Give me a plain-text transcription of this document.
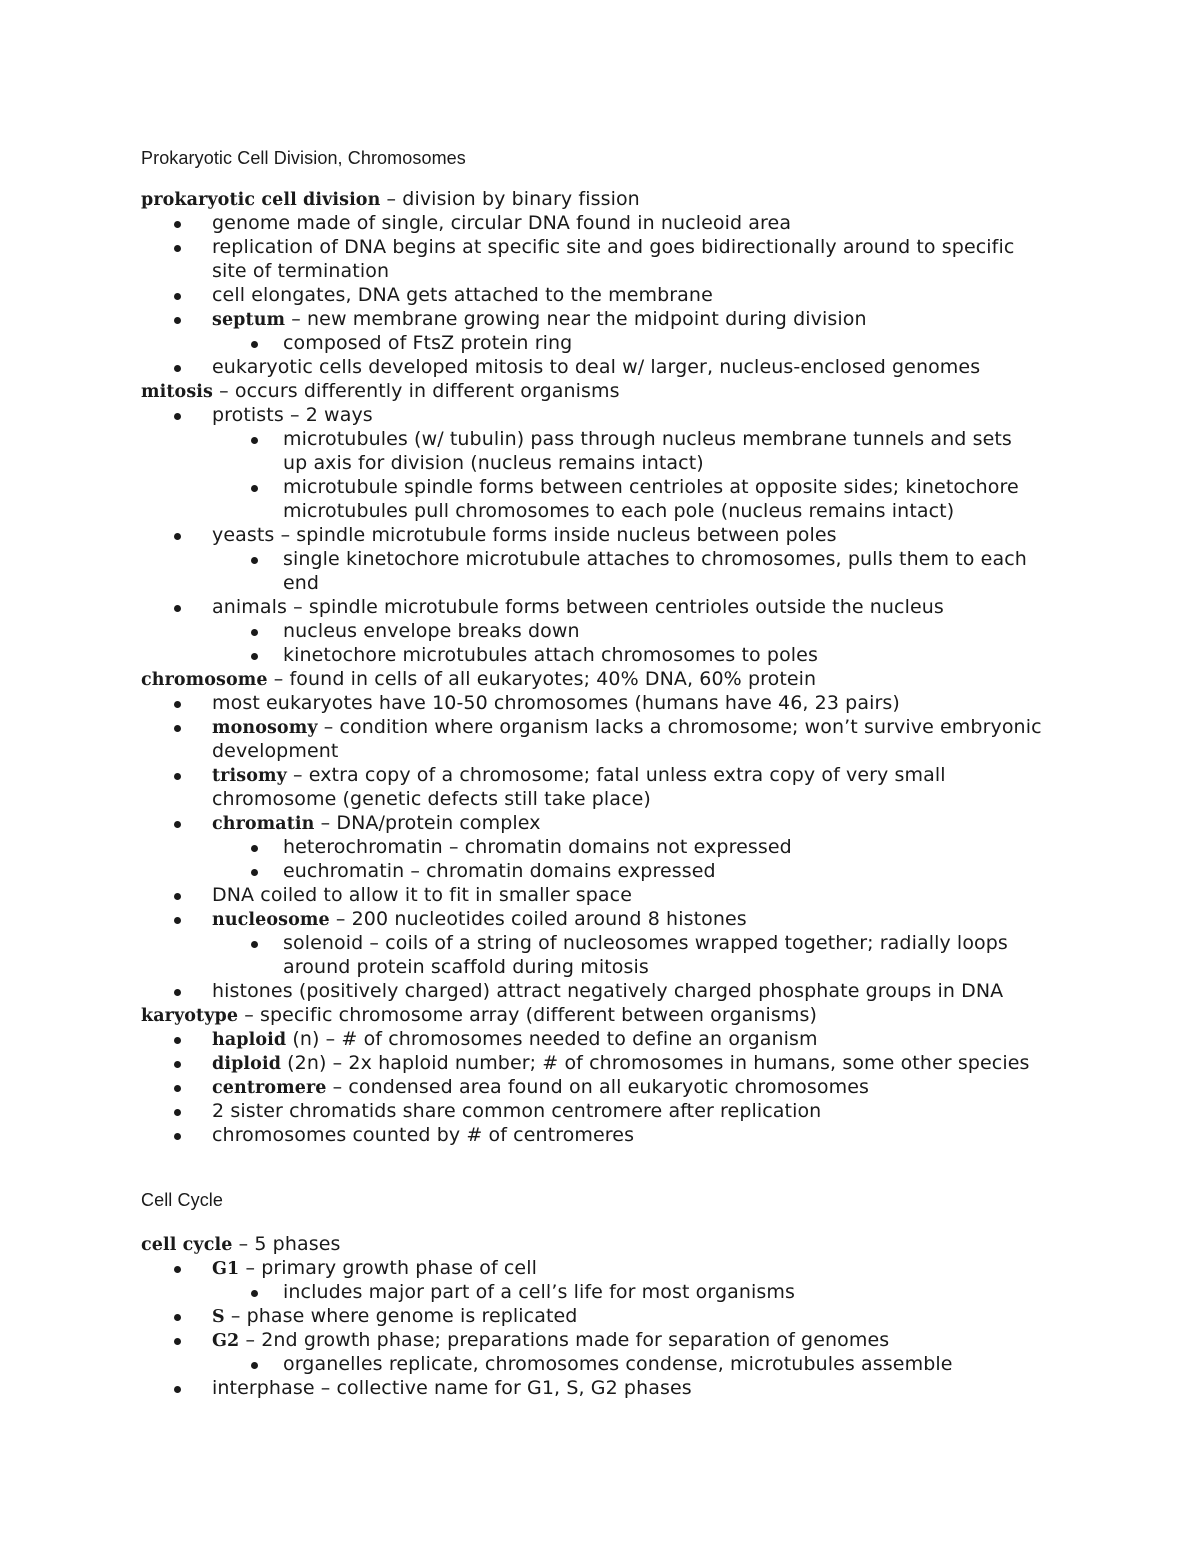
Prokaryotic Cell Division, Chromosomes
prokaryotic cell division – division by binary fission
genome made of single, circular DNA found in nucleoid area
replication of DNA begins at specific site and goes bidirectionally around to specific
site of termination
cell elongates, DNA gets attached to the membrane
septum – new membrane growing near the midpoint during division
composed of FtsZ protein ring
eukaryotic cells developed mitosis to deal w/ larger, nucleus-enclosed genomes
mitosis – occurs differently in different organisms
protists – 2 ways
microtubules (w/ tubulin) pass through nucleus membrane tunnels and sets
up axis for division (nucleus remains intact)
microtubule spindle forms between centrioles at opposite sides; kinetochore
microtubules pull chromosomes to each pole (nucleus remains intact)
yeasts – spindle microtubule forms inside nucleus between poles
single kinetochore microtubule attaches to chromosomes, pulls them to each
end
animals – spindle microtubule forms between centrioles outside the nucleus
nucleus envelope breaks down
kinetochore microtubules attach chromosomes to poles
chromosome – found in cells of all eukaryotes; 40% DNA, 60% protein
most eukaryotes have 10-50 chromosomes (humans have 46, 23 pairs)
monosomy – condition where organism lacks a chromosome; won’t survive embryonic
development
trisomy – extra copy of a chromosome; fatal unless extra copy of very small
chromosome (genetic defects still take place)
chromatin – DNA/protein complex
heterochromatin – chromatin domains not expressed
euchromatin – chromatin domains expressed
DNA coiled to allow it to fit in smaller space
nucleosome – 200 nucleotides coiled around 8 histones
solenoid – coils of a string of nucleosomes wrapped together; radially loops
around protein scaffold during mitosis
histones (positively charged) attract negatively charged phosphate groups in DNA
karyotype – specific chromosome array (different between organisms)
haploid (n) – # of chromosomes needed to define an organism
diploid (2n) – 2x haploid number; # of chromosomes in humans, some other species
centromere – condensed area found on all eukaryotic chromosomes
2 sister chromatids share common centromere after replication
chromosomes counted by # of centromeres
Cell Cycle
cell cycle – 5 phases
G1 – primary growth phase of cell
includes major part of a cell’s life for most organisms
S – phase where genome is replicated
G2 – 2nd growth phase; preparations made for separation of genomes
organelles replicate, chromosomes condense, microtubules assemble
interphase – collective name for G1, S, G2 phases
